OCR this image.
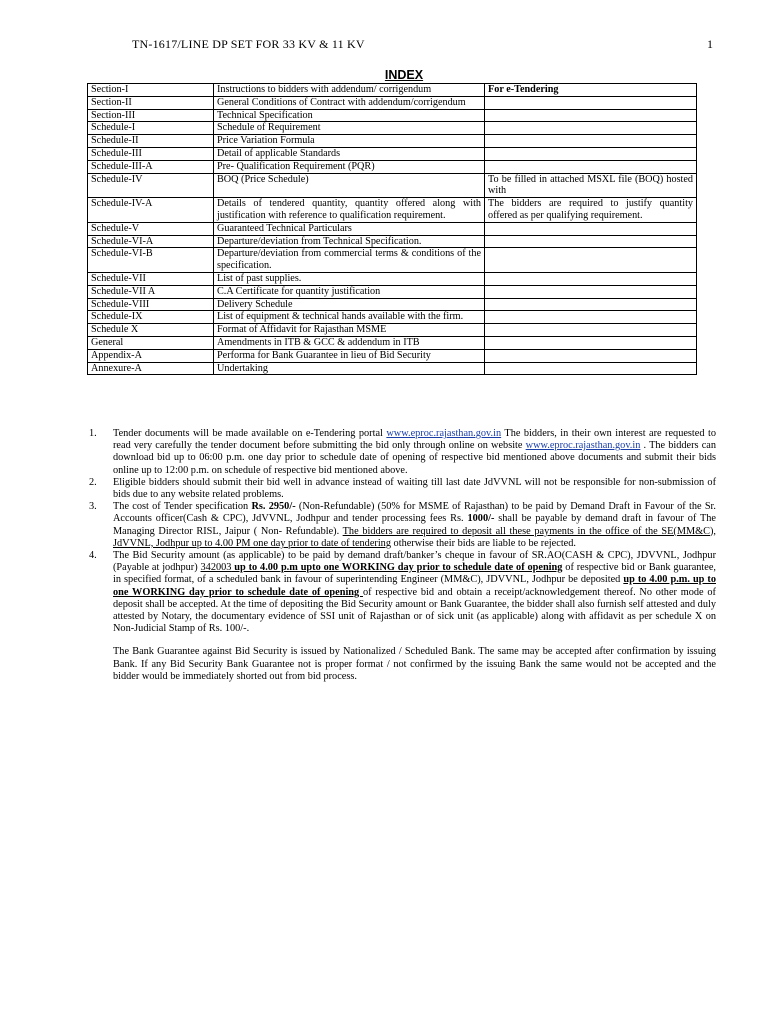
TN-1617/LINE DP SET FOR 33 KV & 11 KV	1
INDEX
Section-I	Instructions to bidders with addendum/ corrigendum	For e-Tendering
Section-II	General Conditions of Contract with addendum/corrigendum	
Section-III	Technical Specification	
Schedule-I	Schedule of Requirement	
Schedule-II	Price Variation Formula	
Schedule-III	Detail of applicable Standards	
Schedule-III-A	Pre- Qualification Requirement (PQR)	
Schedule-IV	BOQ (Price Schedule)	To be filled in attached MSXL file (BOQ) hosted with
Schedule-IV-A	Details of tendered quantity, quantity offered along with justification with reference to qualification requirement.	The bidders are required to justify quantity offered as per qualifying requirement.
Schedule-V	Guaranteed Technical Particulars	
Schedule-VI-A	Departure/deviation from Technical Specification.	
Schedule-VI-B	Departure/deviation from commercial terms & conditions of the specification.	
Schedule-VII	List of past supplies.	
Schedule-VII A	C.A Certificate for quantity justification	
Schedule-VIII	Delivery Schedule	
Schedule-IX	List of equipment & technical hands available with the firm.	
Schedule X	Format of Affidavit for Rajasthan MSME	
General	Amendments in ITB & GCC & addendum in ITB	
Appendix-A	Performa for Bank Guarantee in lieu of Bid Security	
Annexure-A	Undertaking	
1.	Tender documents will be made available on e-Tendering portal www.eproc.rajasthan.gov.in The bidders, in their own interest are requested to read very carefully the tender document before submitting the bid only through online on website www.eproc.rajasthan.gov.in . The bidders can download bid up to 06:00 p.m. one day prior to schedule date of opening of respective bid mentioned above documents and submit their bids online up to 12:00 p.m. on schedule of respective bid mentioned above.
2.	Eligible bidders should submit their bid well in advance instead of waiting till last date JdVVNL will not be responsible for non-submission of bids due to any website related problems.
3.	The cost of Tender specification Rs. 2950/- (Non-Refundable) (50% for MSME of Rajasthan) to be paid by Demand Draft in Favour of the Sr. Accounts officer(Cash & CPC), JdVVNL, Jodhpur and tender processing fees Rs. 1000/- shall be payable by demand draft in favour of The Managing Director RISL, Jaipur ( Non- Refundable). The bidders are required to deposit all these payments in the office of the SE(MM&C), JdVVNL, Jodhpur up to 4.00 PM one day prior to date of tendering otherwise their bids are liable to be rejected.
4.	The Bid Security amount (as applicable) to be paid by demand draft/banker’s cheque in favour of SR.AO(CASH & CPC), JDVVNL, Jodhpur (Payable at jodhpur) 342003 up to 4.00 p.m upto one WORKING day prior to schedule date of opening of respective bid or Bank guarantee, in specified format, of a scheduled bank in favour of superintending Engineer (MM&C), JDVVNL, Jodhpur be deposited up to 4.00 p.m. up to one WORKING day prior to schedule date of opening of respective bid and obtain a receipt/acknowledgement thereof. No other mode of deposit shall be accepted. At the time of depositing the Bid Security amount or Bank Guarantee, the bidder shall also furnish self attested and duly attested by Notary, the documentary evidence of SSI unit of Rajasthan or of sick unit (as applicable) along with affidavit as per schedule X on Non-Judicial Stamp of Rs. 100/-.
The Bank Guarantee against Bid Security is issued by Nationalized / Scheduled Bank. The same may be accepted after confirmation by issuing Bank. If any Bid Security Bank Guarantee not is proper format / not confirmed by the issuing Bank the same would not be accepted and the bidder would be immediately shorted out from bid process.
